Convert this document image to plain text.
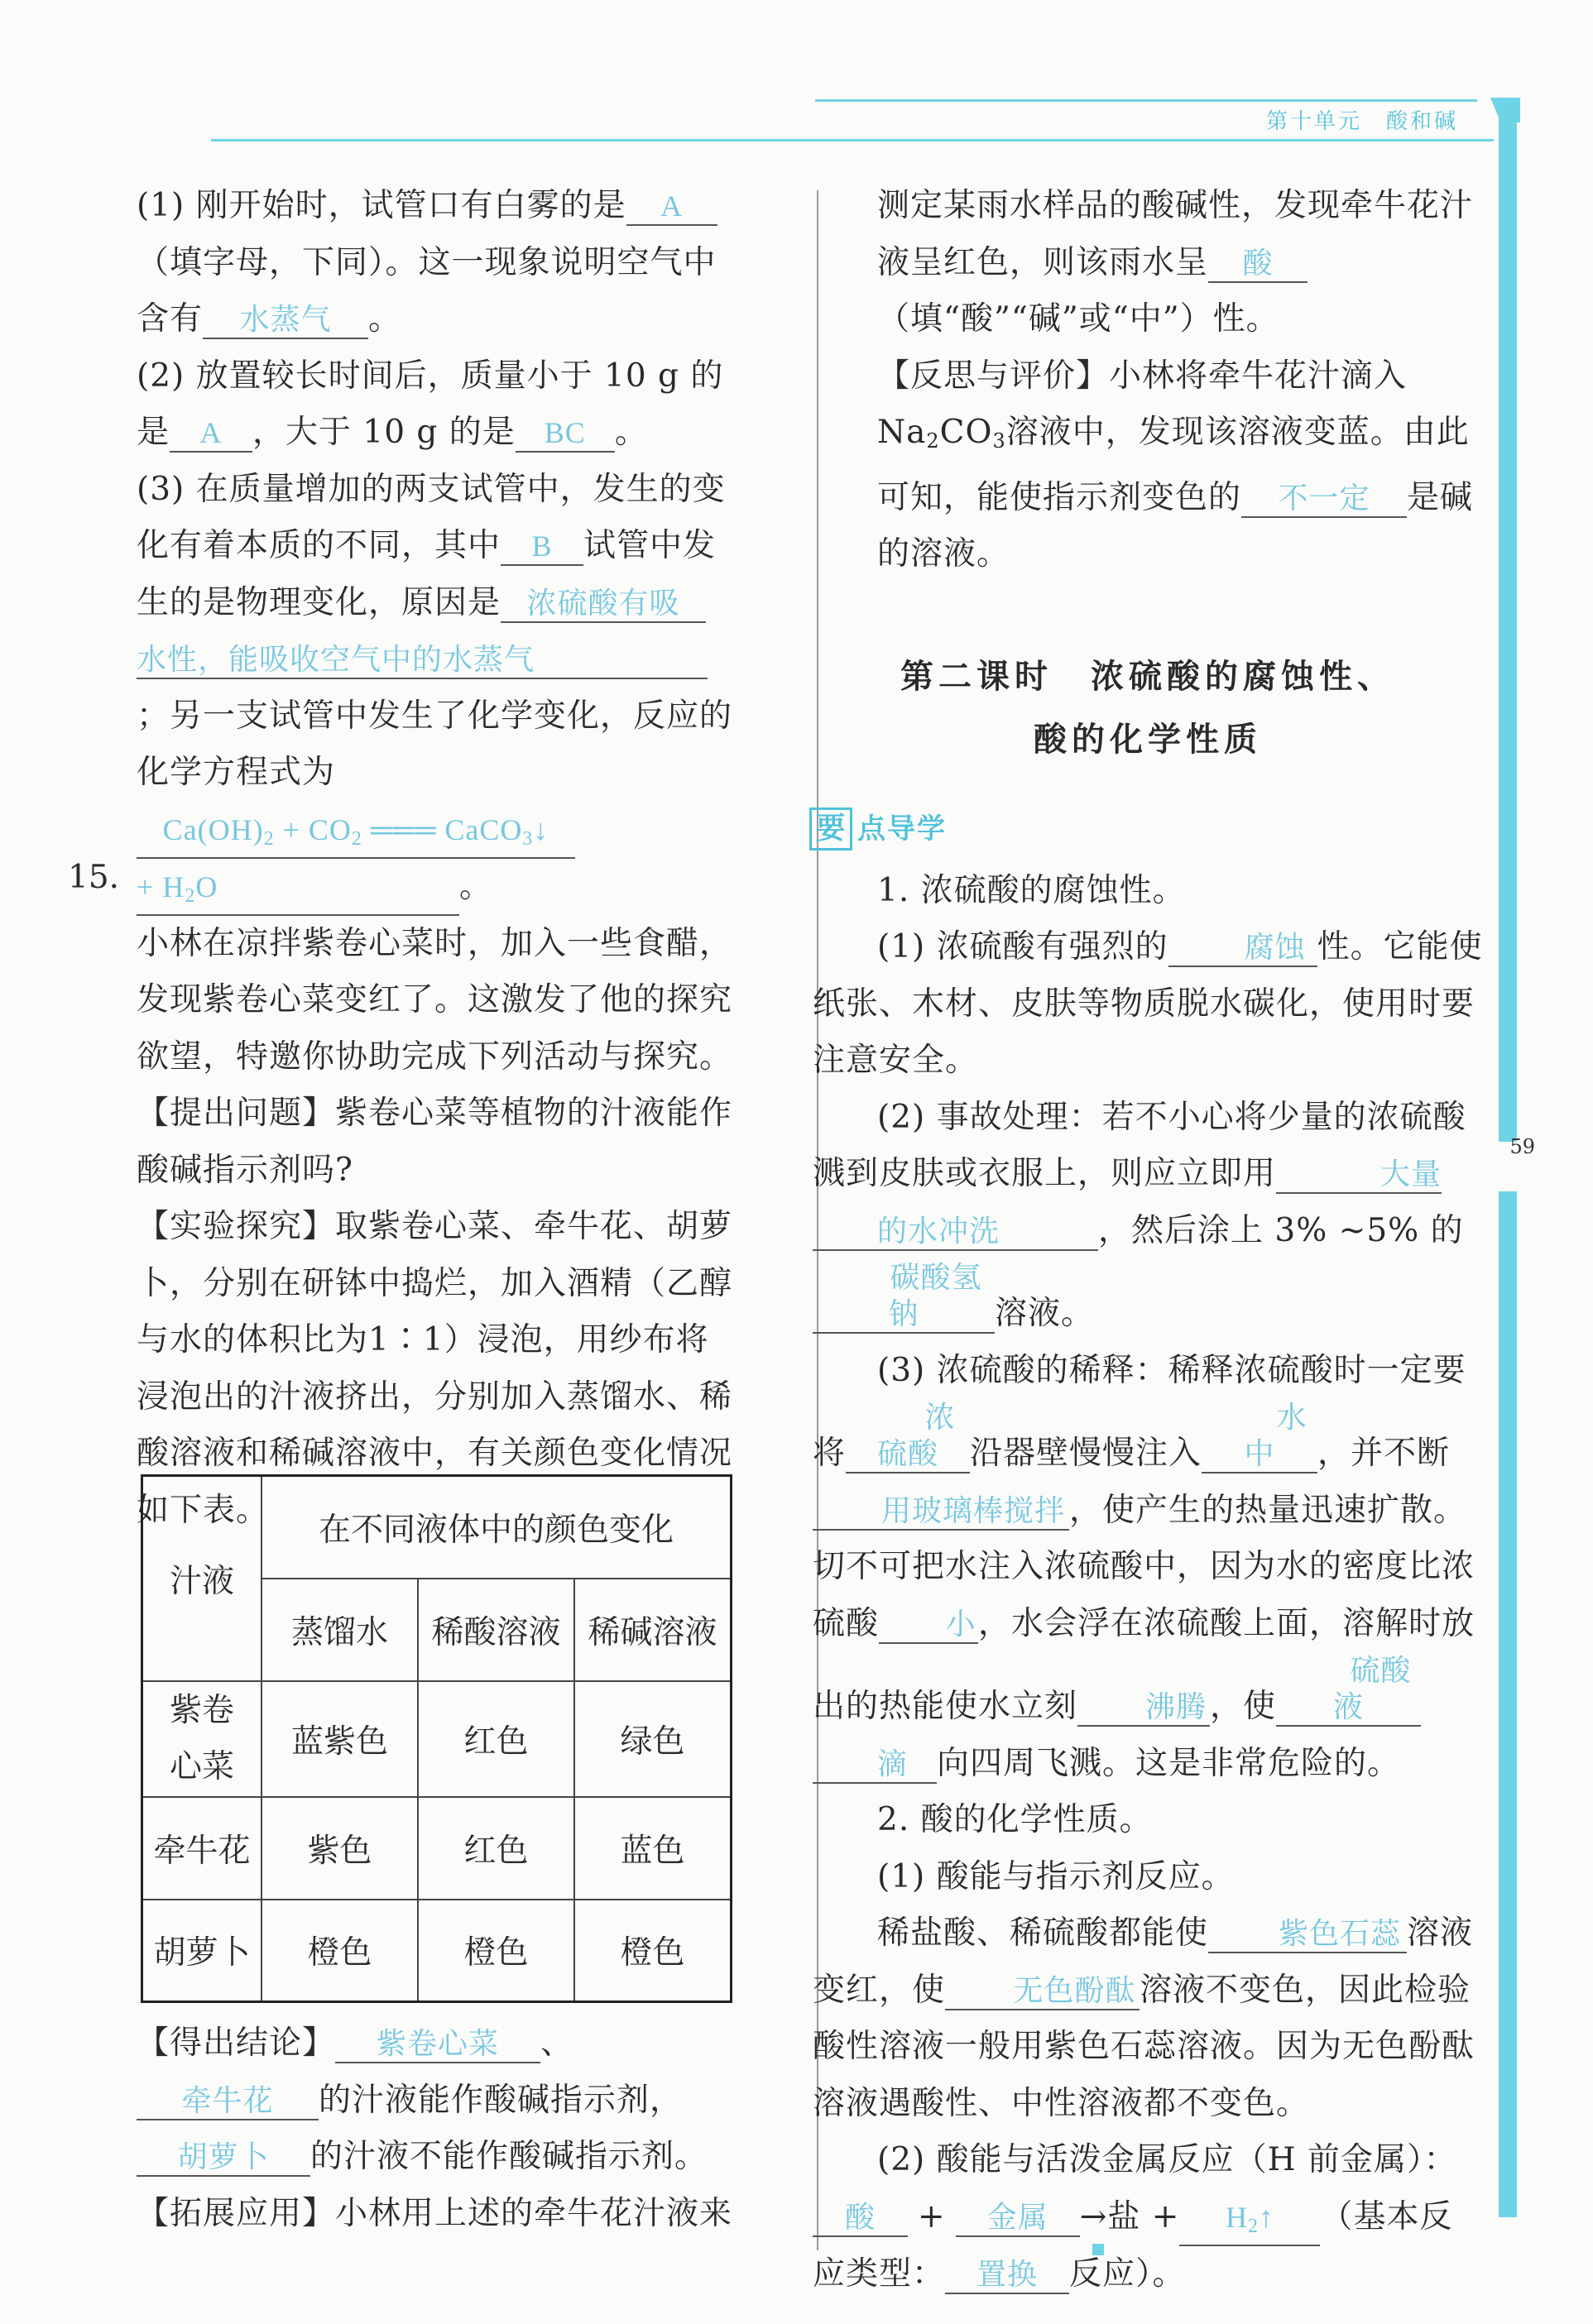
第十单元　酸和碱
59

(1) 刚开始时，试管口有白雾的是 A（填字母，下同）。这一现象说明空气中含有 水蒸气 。

(2) 放置较长时间后，质量小于 10 g 的是 A ，大于 10 g 的是 BC 。

(3) 在质量增加的两支试管中，发生的变化有着本质的不同，其中 B 试管中发生的是物理变化，原因是 浓硫酸有吸水性，能吸收空气中的水蒸气；另一支试管中发生了化学变化，反应的化学方程式为$Ca(OH)_2 + CO_2$ ═══ CaCO$_3$↓
+ $H_2O$	。

小林在凉拌紫卷心菜时，加入一些食醋，发现紫卷心菜变红了。这激发了他的探究欲望，特邀你协助完成下列活动与探究。

【提出问题】紫卷心菜等植物的汁液能作酸碱指示剂吗?

【实验探究】取紫卷心菜、牵牛花、胡萝卜，分别在研钵中捣烂，加入酒精（乙醇与水的体积比为1∶1）浸泡，用纱布将浸泡出的汁液挤出，分别加入蒸馏水、稀酸溶液和稀碱溶液中，有关颜色变化情况如下表。

15.
汁液	在不同液体中的颜色变化		
	蒸馏水	稀酸溶液	稀碱溶液
紫卷心菜	蓝紫色	红色	绿色
牵牛花	紫色	红色	蓝色
胡萝卜	橙色	橙色	橙色

【得出结论】 紫卷心菜 、牵牛花 的汁液能作酸碱指示剂，胡萝卜 的汁液不能作酸碱指示剂。

【拓展应用】小林用上述的牵牛花汁液来

测定某雨水样品的酸碱性，发现牵牛花汁液呈红色，则该雨水呈 酸（填“酸”“碱”或“中”）性。

【反思与评价】小林将牵牛花汁滴入$Na_2CO_3$溶液中，发现该溶液变蓝。由此可知，能使指示剂变色的 不一定 是碱的溶液。

第二课时　浓硫酸的腐蚀性、
酸的化学性质
要 点导学

1. 浓硫酸的腐蚀性。

(1) 浓硫酸有强烈的	腐蚀 性。它能使纸张、木材、皮肤等物质脱水碳化，使用时要注意安全。

(2) 事故处理：若不小心将少量的浓硫酸溅到皮肤或衣服上，则应立即用	大量的水冲洗	，然后涂上 3% ~5% 的碳酸氢钠 溶液。

(3) 浓硫酸的稀释：稀释浓硫酸时一定要将浓硫酸 沿器壁慢慢注入水中 ，并不断用玻璃棒搅拌 ，使产生的热量迅速扩散。切不可把水注入浓硫酸中，因为水的密度比浓硫酸 小，水会浮在浓硫酸上面，溶解时放出的热能使水立刻 沸腾 ，使硫酸液滴 向四周飞溅。这是非常危险的。

2. 酸的化学性质。

(1) 酸能与指示剂反应。

稀盐酸、稀硫酸都能使 紫色石蕊 溶液变红，使 无色酚酞 溶液不变色，因此检验酸性溶液一般用紫色石蕊溶液。因为无色酚酞溶液遇酸性、中性溶液都不变色。

(2) 酸能与活泼金属反应（H 前金属）：

酸 + 金属 →盐 + $H_2↑$ （基本反应类型： 置换 反应）。
